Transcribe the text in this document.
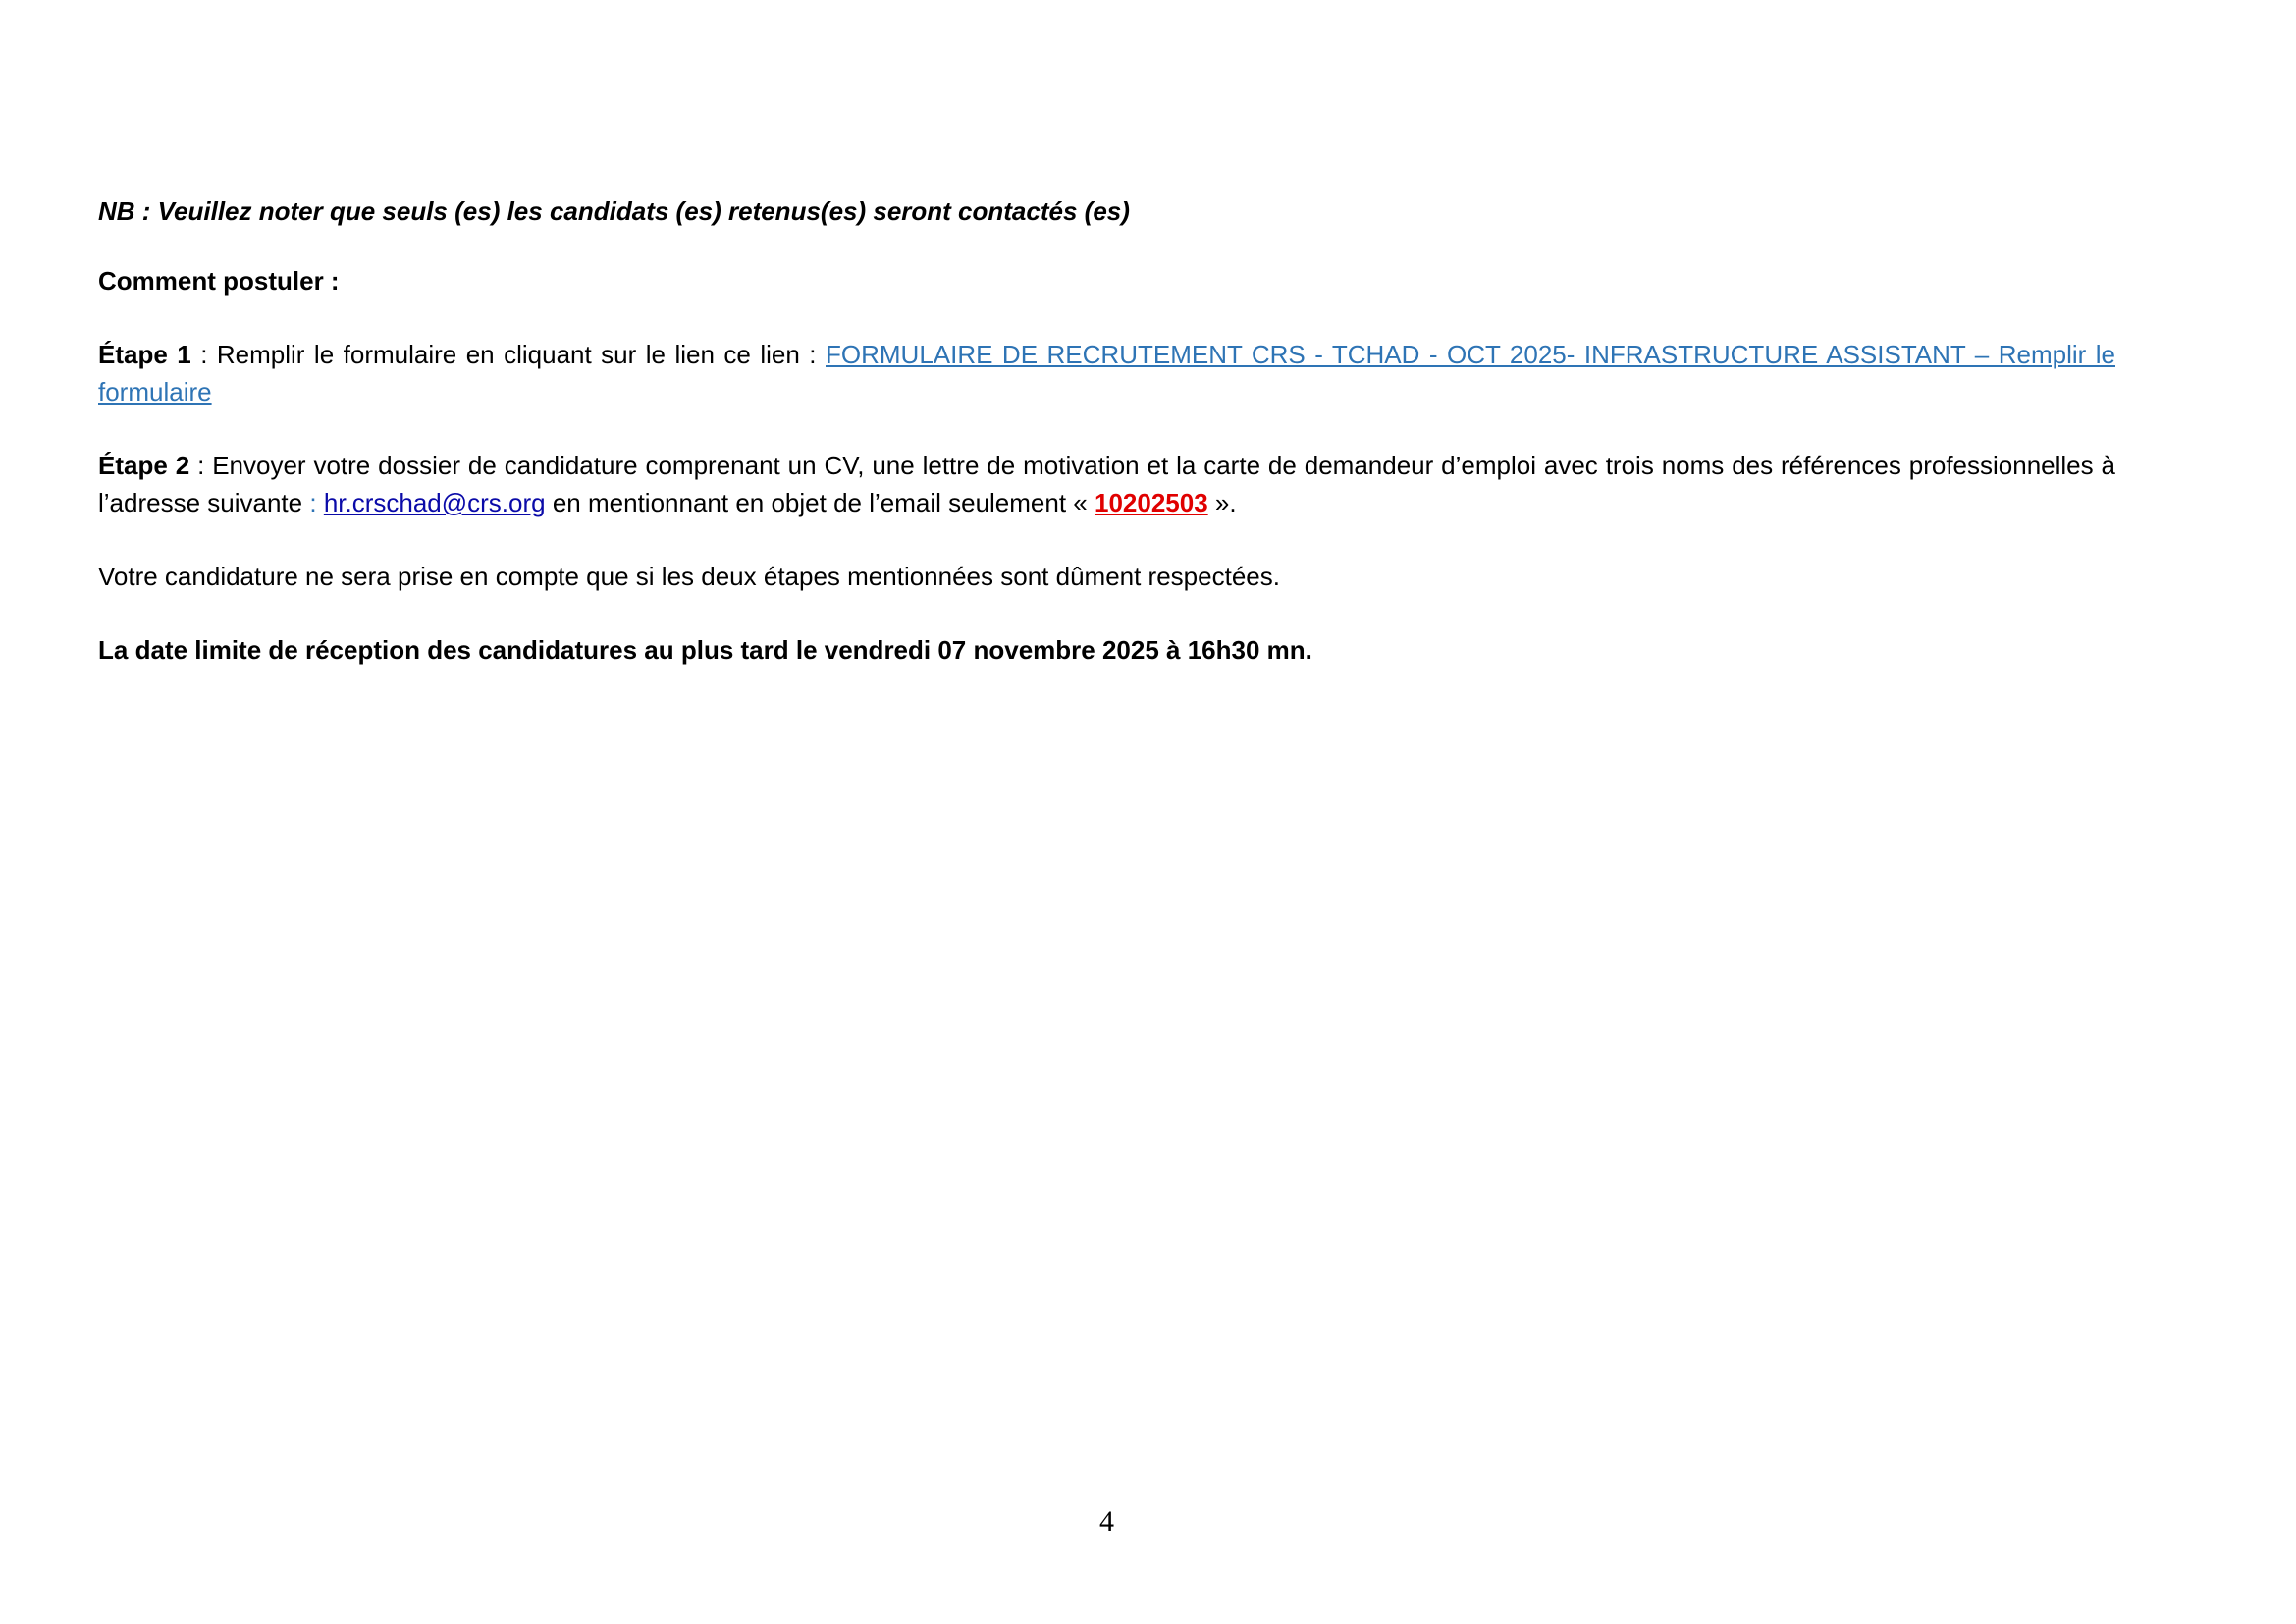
NB : Veuillez noter que seuls (es) les candidats (es) retenus(es) seront contactés (es)

Comment postuler :

Étape 1 : Remplir le formulaire en cliquant sur le lien ce lien : FORMULAIRE DE RECRUTEMENT CRS - TCHAD - OCT 2025- INFRASTRUCTURE ASSISTANT – Remplir le formulaire

Étape 2 : Envoyer votre dossier de candidature comprenant un CV, une lettre de motivation et la carte de demandeur d’emploi avec trois noms des références professionnelles à l’adresse suivante : hr.crschad@crs.org en mentionnant en objet de l’email seulement « 10202503 ».

Votre candidature ne sera prise en compte que si les deux étapes mentionnées sont dûment respectées.

La date limite de réception des candidatures au plus tard le vendredi 07 novembre 2025 à 16h30 mn.

4
